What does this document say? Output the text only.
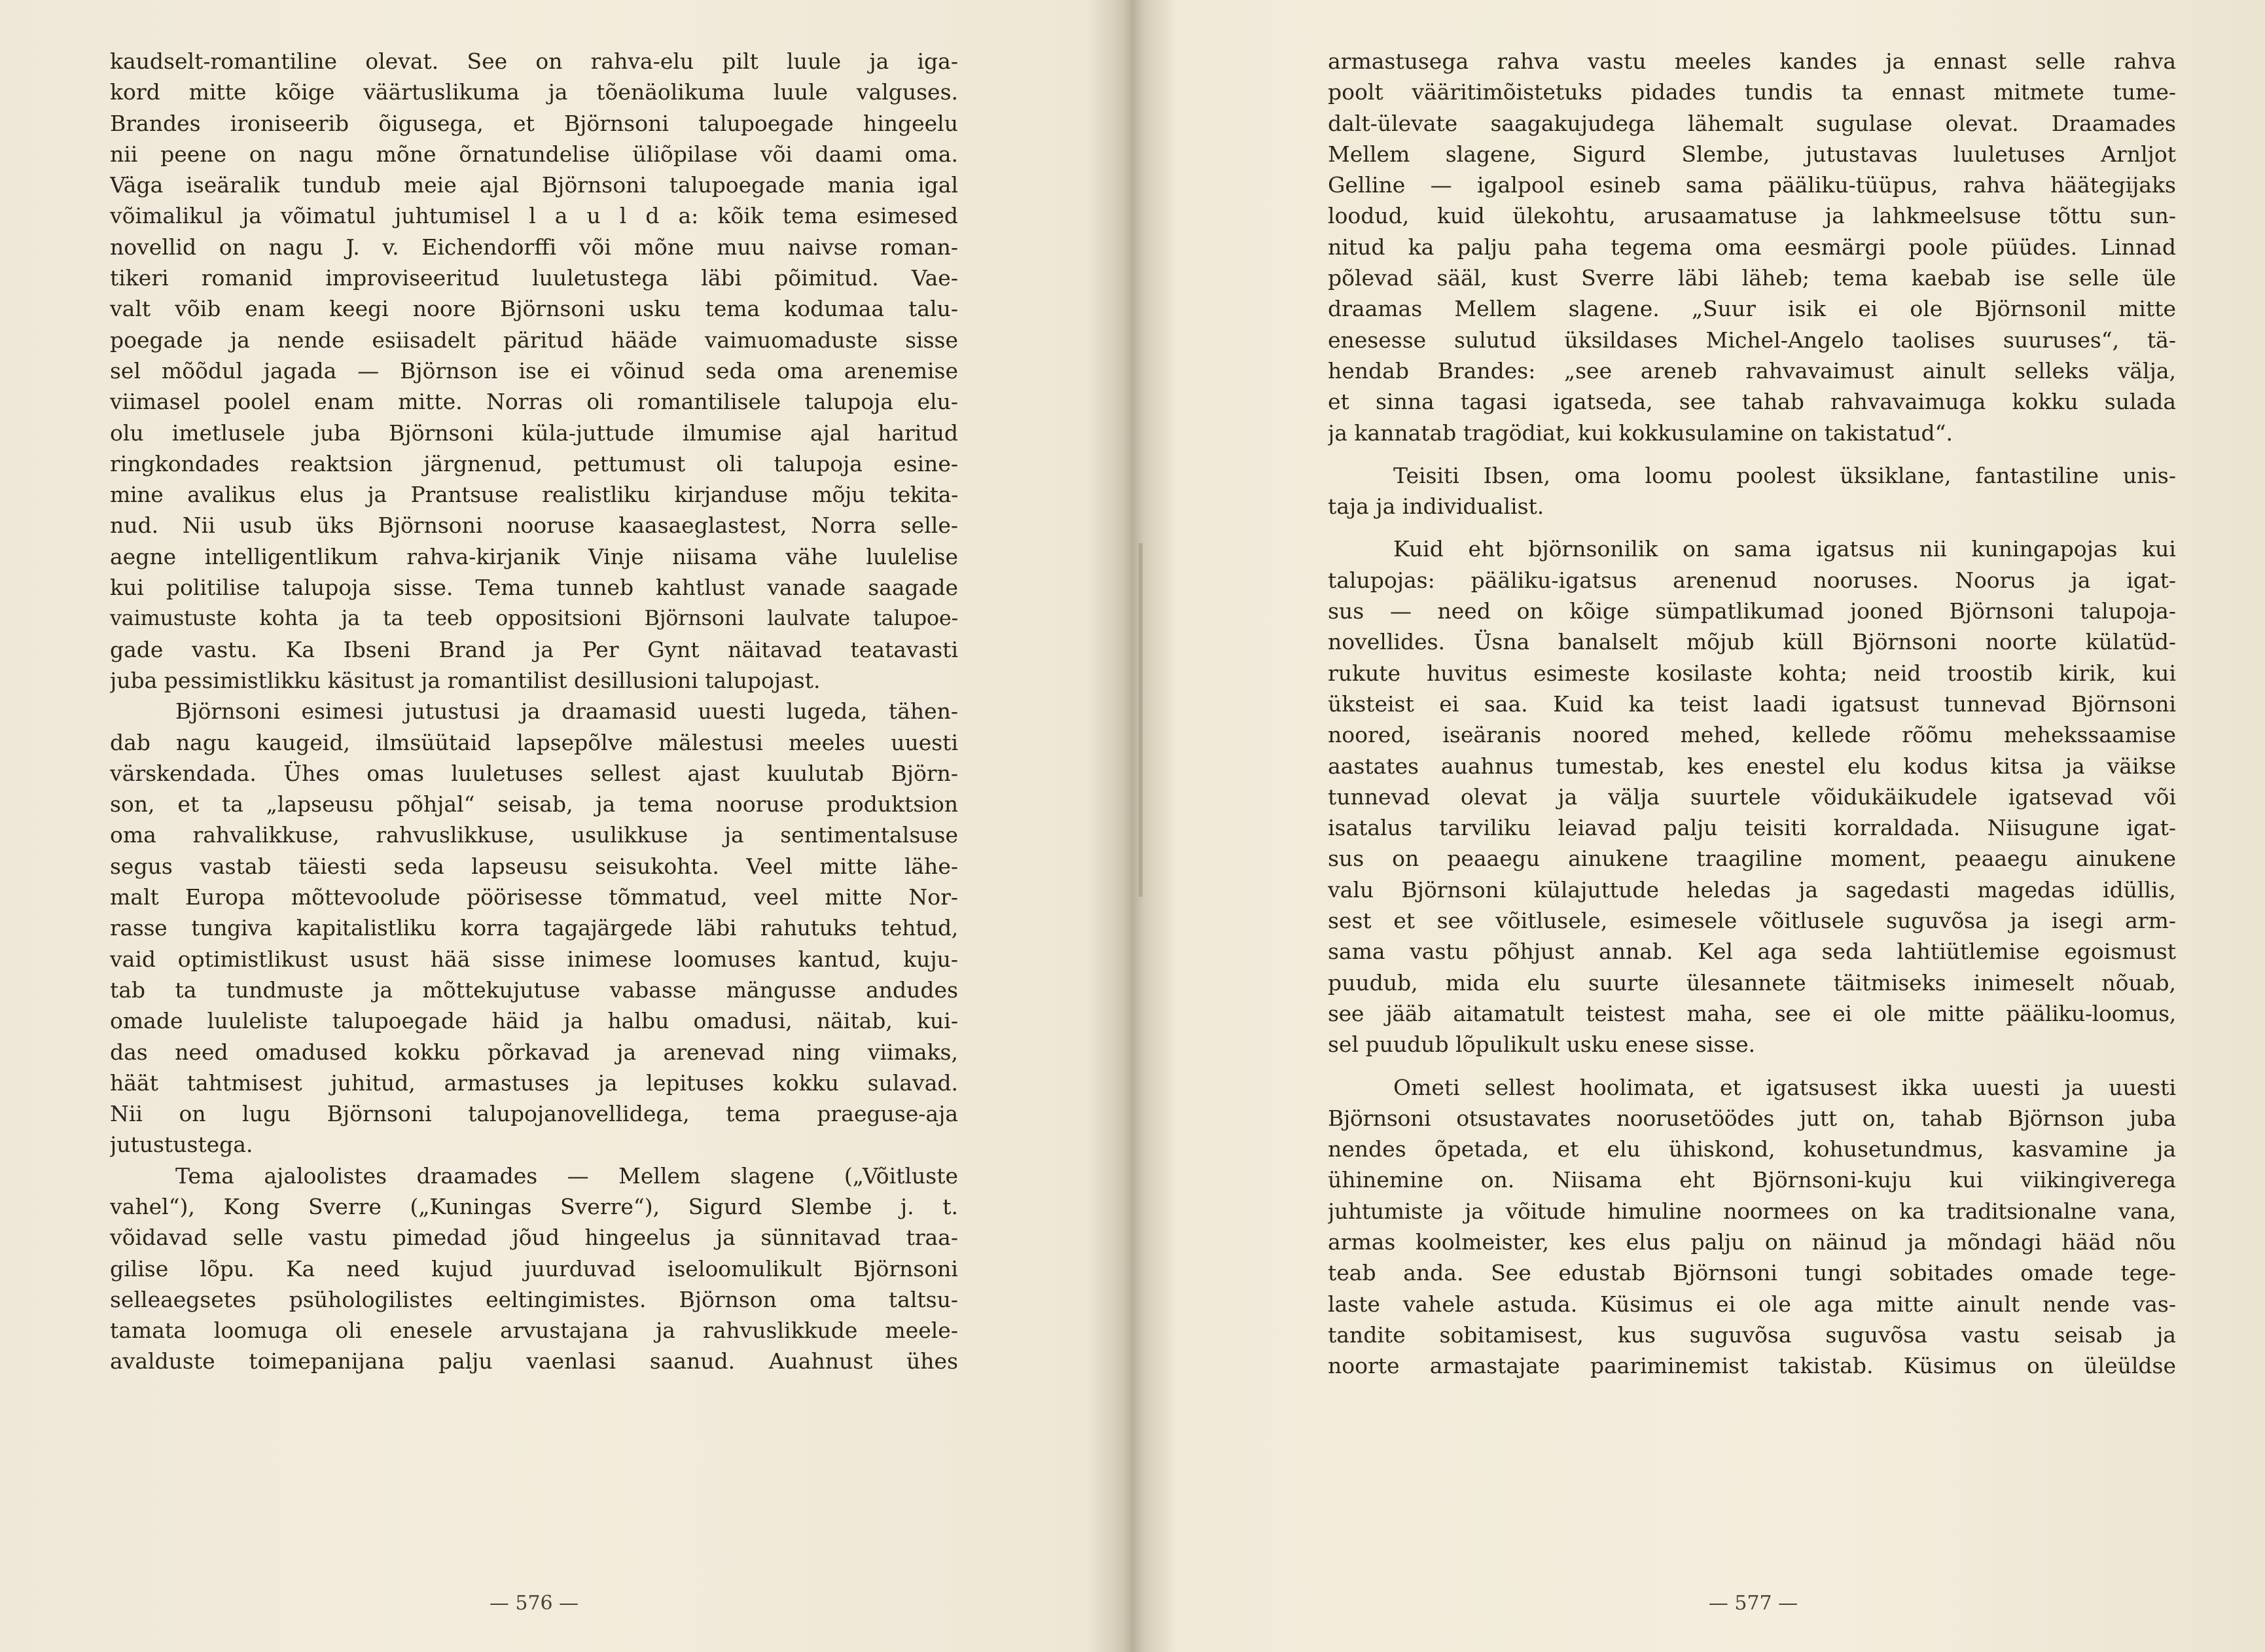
kaudselt-romantiline olevat. See on rahva-elu pilt luule ja iga-

kord mitte kõige väärtuslikuma ja tõenäolikuma luule valguses.

Brandes ironiseerib õigusega, et Björnsoni talupoegade hingeelu

nii peene on nagu mõne õrnatundelise üliõpilase või daami oma.

Väga iseäralik tundub meie ajal Björnsoni talupoegade mania igal

võimalikul ja võimatul juhtumisel l a u l d a: kõik tema esimesed

novellid on nagu J. v. Eichendorffi või mõne muu naivse roman-

tikeri romanid improviseeritud luuletustega läbi põimitud. Vae-

valt võib enam keegi noore Björnsoni usku tema kodumaa talu-

poegade ja nende esiisadelt päritud hääde vaimuomaduste sisse

sel mõõdul jagada — Björnson ise ei võinud seda oma arenemise

viimasel poolel enam mitte. Norras oli romantilisele talupoja elu-

olu imetlusele juba Björnsoni küla-juttude ilmumise ajal haritud

ringkondades reaktsion järgnenud, pettumust oli talupoja esine-

mine avalikus elus ja Prantsuse realistliku kirjanduse mõju tekita-

nud. Nii usub üks Björnsoni nooruse kaasaeglastest, Norra selle-

aegne intelligentlikum rahva-kirjanik Vinje niisama vähe luulelise

kui politilise talupoja sisse. Tema tunneb kahtlust vanade saagade

vaimustuste kohta ja ta teeb oppositsioni Björnsoni laulvate talupoe-

gade vastu. Ka Ibseni Brand ja Per Gynt näitavad teatavasti

juba pessimistlikku käsitust ja romantilist desillusioni talupojast.

Björnsoni esimesi jutustusi ja draamasid uuesti lugeda, tähen-

dab nagu kaugeid, ilmsüütaid lapsepõlve mälestusi meeles uuesti

värskendada. Ühes omas luuletuses sellest ajast kuulutab Björn-

son, et ta „lapseusu põhjal“ seisab, ja tema nooruse produktsion

oma rahvalikkuse, rahvuslikkuse, usulikkuse ja sentimentalsuse

segus vastab täiesti seda lapseusu seisukohta. Veel mitte lähe-

malt Europa mõttevoolude pöörisesse tõmmatud, veel mitte Nor-

rasse tungiva kapitalistliku korra tagajärgede läbi rahutuks tehtud,

vaid optimistlikust usust hää sisse inimese loomuses kantud, kuju-

tab ta tundmuste ja mõttekujutuse vabasse mängusse andudes

omade luuleliste talupoegade häid ja halbu omadusi, näitab, kui-

das need omadused kokku põrkavad ja arenevad ning viimaks,

häät tahtmisest juhitud, armastuses ja lepituses kokku sulavad.

Nii on lugu Björnsoni talupojanovellidega, tema praeguse-aja

jutustustega.

Tema ajaloolistes draamades — Mellem slagene („Võitluste

vahel“), Kong Sverre („Kuningas Sverre“), Sigurd Slembe j. t.

võidavad selle vastu pimedad jõud hingeelus ja sünnitavad traa-

gilise lõpu. Ka need kujud juurduvad iseloomulikult Björnsoni

selleaegsetes psühologilistes eeltingimistes. Björnson oma taltsu-

tamata loomuga oli enesele arvustajana ja rahvuslikkude meele-

avalduste toimepanijana palju vaenlasi saanud. Auahnust ühes

armastusega rahva vastu meeles kandes ja ennast selle rahva

poolt vääritimõistetuks pidades tundis ta ennast mitmete tume-

dalt-ülevate saagakujudega lähemalt sugulase olevat. Draamades

Mellem slagene, Sigurd Slembe, jutustavas luuletuses Arnljot

Gelline — igalpool esineb sama pääliku-tüüpus, rahva häätegijaks

loodud, kuid ülekohtu, arusaamatuse ja lahkmeelsuse tõttu sun-

nitud ka palju paha tegema oma eesmärgi poole püüdes. Linnad

põlevad sääl, kust Sverre läbi läheb; tema kaebab ise selle üle

draamas Mellem slagene. „Suur isik ei ole Björnsonil mitte

enesesse sulutud üksildases Michel-Angelo taolises suuruses“, tä-

hendab Brandes: „see areneb rahvavaimust ainult selleks välja,

et sinna tagasi igatseda, see tahab rahvavaimuga kokku sulada

ja kannatab tragödiat, kui kokkusulamine on takistatud“.

Teisiti Ibsen, oma loomu poolest üksiklane, fantastiline unis-

taja ja individualist.

Kuid eht björnsonilik on sama igatsus nii kuningapojas kui

talupojas: pääliku-igatsus arenenud nooruses. Noorus ja igat-

sus — need on kõige sümpatlikumad jooned Björnsoni talupoja-

novellides. Üsna banalselt mõjub küll Björnsoni noorte külatüd-

rukute huvitus esimeste kosilaste kohta; neid troostib kirik, kui

üksteist ei saa. Kuid ka teist laadi igatsust tunnevad Björnsoni

noored, iseäranis noored mehed, kellede rõõmu mehekssaamise

aastates auahnus tumestab, kes enestel elu kodus kitsa ja väikse

tunnevad olevat ja välja suurtele võidukäikudele igatsevad või

isatalus tarviliku leiavad palju teisiti korraldada. Niisugune igat-

sus on peaaegu ainukene traagiline moment, peaaegu ainukene

valu Björnsoni külajuttude heledas ja sagedasti magedas idüllis,

sest et see võitlusele, esimesele võitlusele suguvõsa ja isegi arm-

sama vastu põhjust annab. Kel aga seda lahtiütlemise egoismust

puudub, mida elu suurte ülesannete täitmiseks inimeselt nõuab,

see jääb aitamatult teistest maha, see ei ole mitte pääliku-loomus,

sel puudub lõpulikult usku enese sisse.

Ometi sellest hoolimata, et igatsusest ikka uuesti ja uuesti

Björnsoni otsustavates noorusetöödes jutt on, tahab Björnson juba

nendes õpetada, et elu ühiskond, kohusetundmus, kasvamine ja

ühinemine on. Niisama eht Björnsoni-kuju kui viikingiverega

juhtumiste ja võitude himuline noormees on ka traditsionalne vana,

armas koolmeister, kes elus palju on näinud ja mõndagi hääd nõu

teab anda. See edustab Björnsoni tungi sobitades omade tege-

laste vahele astuda. Küsimus ei ole aga mitte ainult nende vas-

tandite sobitamisest, kus suguvõsa suguvõsa vastu seisab ja

noorte armastajate paariminemist takistab. Küsimus on üleüldse

— 576 —	— 577 —
